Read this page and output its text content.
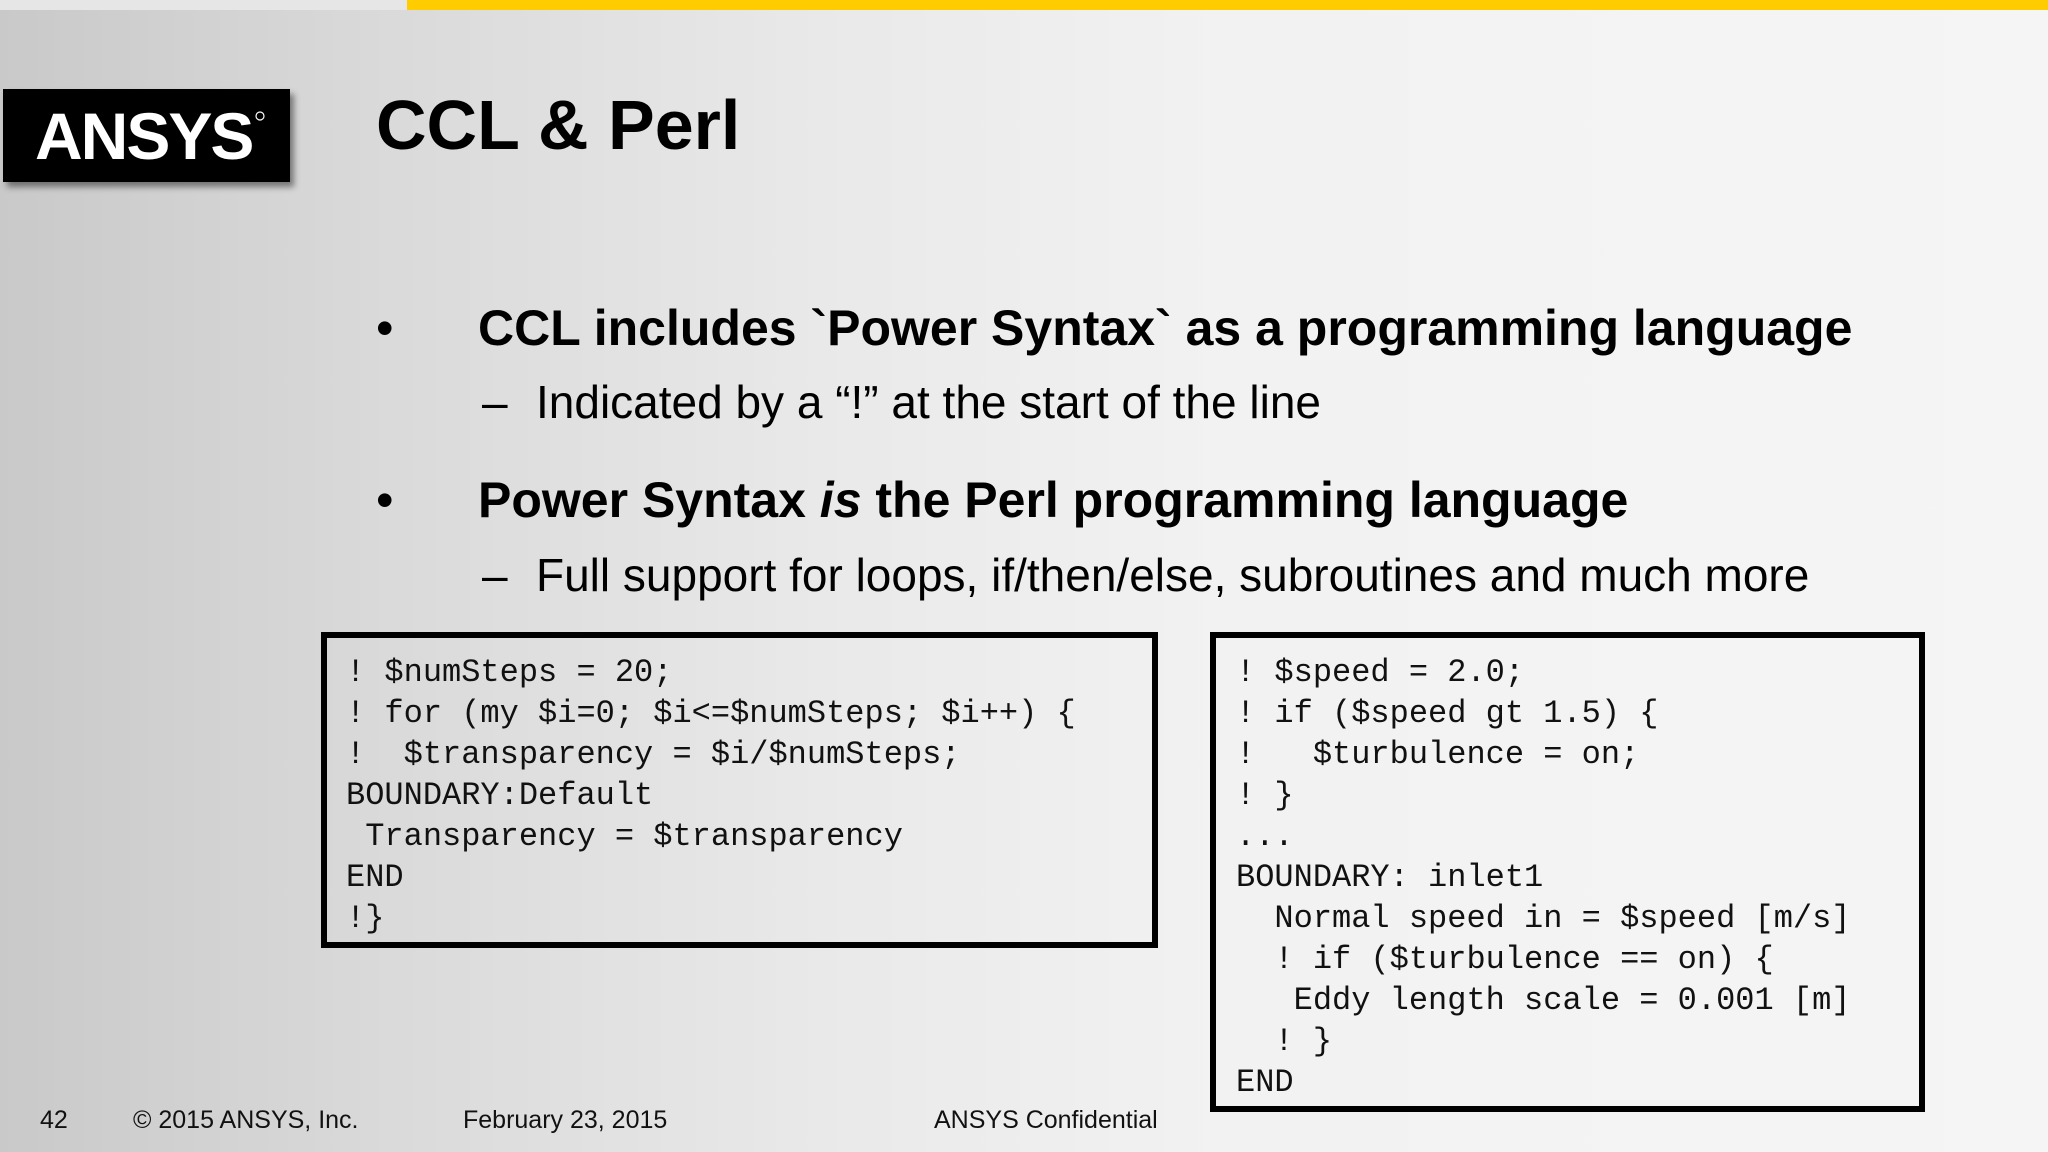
ANSYS CCL & Perl
• CCL includes `Power Syntax` as a programming language
– Indicated by a “!” at the start of the line
• Power Syntax is the Perl programming language
– Full support for loops, if/then/else, subroutines and much more
! $numSteps = 20;
! for (my $i=0; $i<=$numSteps; $i++) {
!  $transparency = $i/$numSteps;
BOUNDARY:Default
Transparency = $transparency
END
!}
! $speed = 2.0;
! if ($speed gt 1.5) {
!   $turbulence = on;
! }
...
BOUNDARY: inlet1
Normal speed in = $speed [m/s]
! if ($turbulence == on) {
Eddy length scale = 0.001 [m]
! }
END
42	© 2015 ANSYS, Inc.	February 23, 2015	ANSYS Confidential
